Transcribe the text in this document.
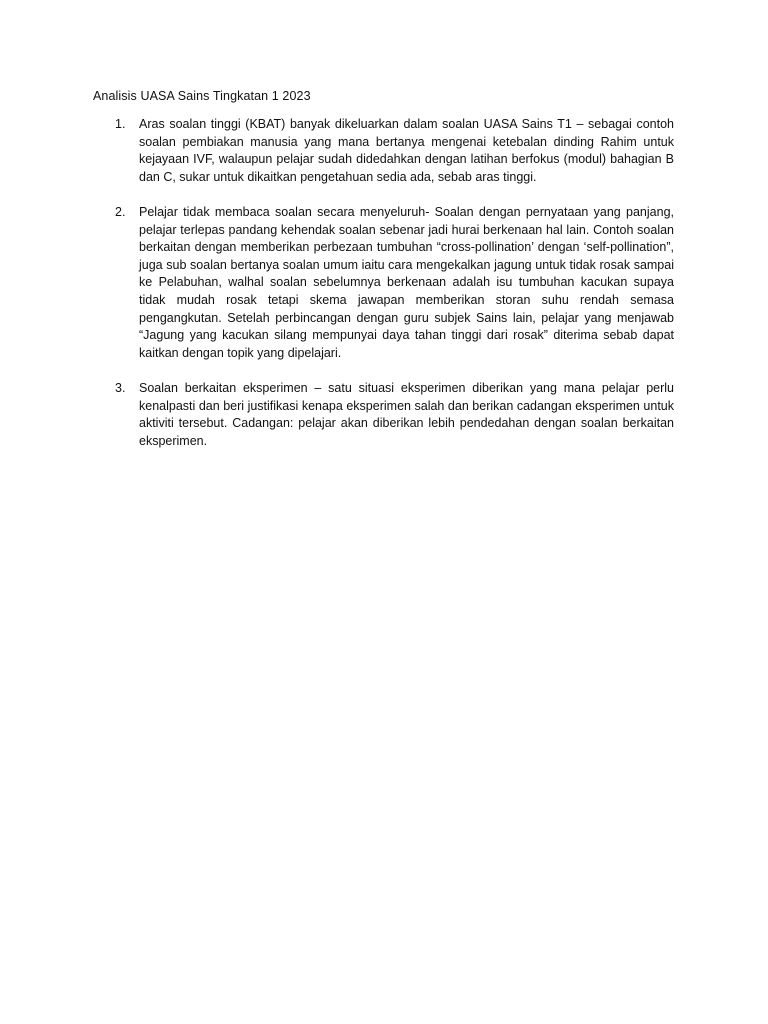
Analisis UASA Sains Tingkatan 1 2023
1. Aras soalan tinggi (KBAT) banyak dikeluarkan dalam soalan UASA Sains T1 – sebagai contoh soalan pembiakan manusia yang mana bertanya mengenai ketebalan dinding Rahim untuk kejayaan IVF, walaupun pelajar sudah didedahkan dengan latihan berfokus (modul) bahagian B dan C, sukar untuk dikaitkan pengetahuan sedia ada, sebab aras tinggi.
2. Pelajar tidak membaca soalan secara menyeluruh- Soalan dengan pernyataan yang panjang, pelajar terlepas pandang kehendak soalan sebenar jadi hurai berkenaan hal lain. Contoh soalan berkaitan dengan memberikan perbezaan tumbuhan “cross-pollination’ dengan ‘self-pollination”, juga sub soalan bertanya soalan umum iaitu cara mengekalkan jagung untuk tidak rosak sampai ke Pelabuhan, walhal soalan sebelumnya berkenaan adalah isu tumbuhan kacukan supaya tidak mudah rosak tetapi skema jawapan memberikan storan suhu rendah semasa pengangkutan. Setelah perbincangan dengan guru subjek Sains lain, pelajar yang menjawab “Jagung yang kacukan silang mempunyai daya tahan tinggi dari rosak” diterima sebab dapat kaitkan dengan topik yang dipelajari.
3. Soalan berkaitan eksperimen – satu situasi eksperimen diberikan yang mana pelajar perlu kenalpasti dan beri justifikasi kenapa eksperimen salah dan berikan cadangan eksperimen untuk aktiviti tersebut. Cadangan: pelajar akan diberikan lebih pendedahan dengan soalan berkaitan eksperimen.
